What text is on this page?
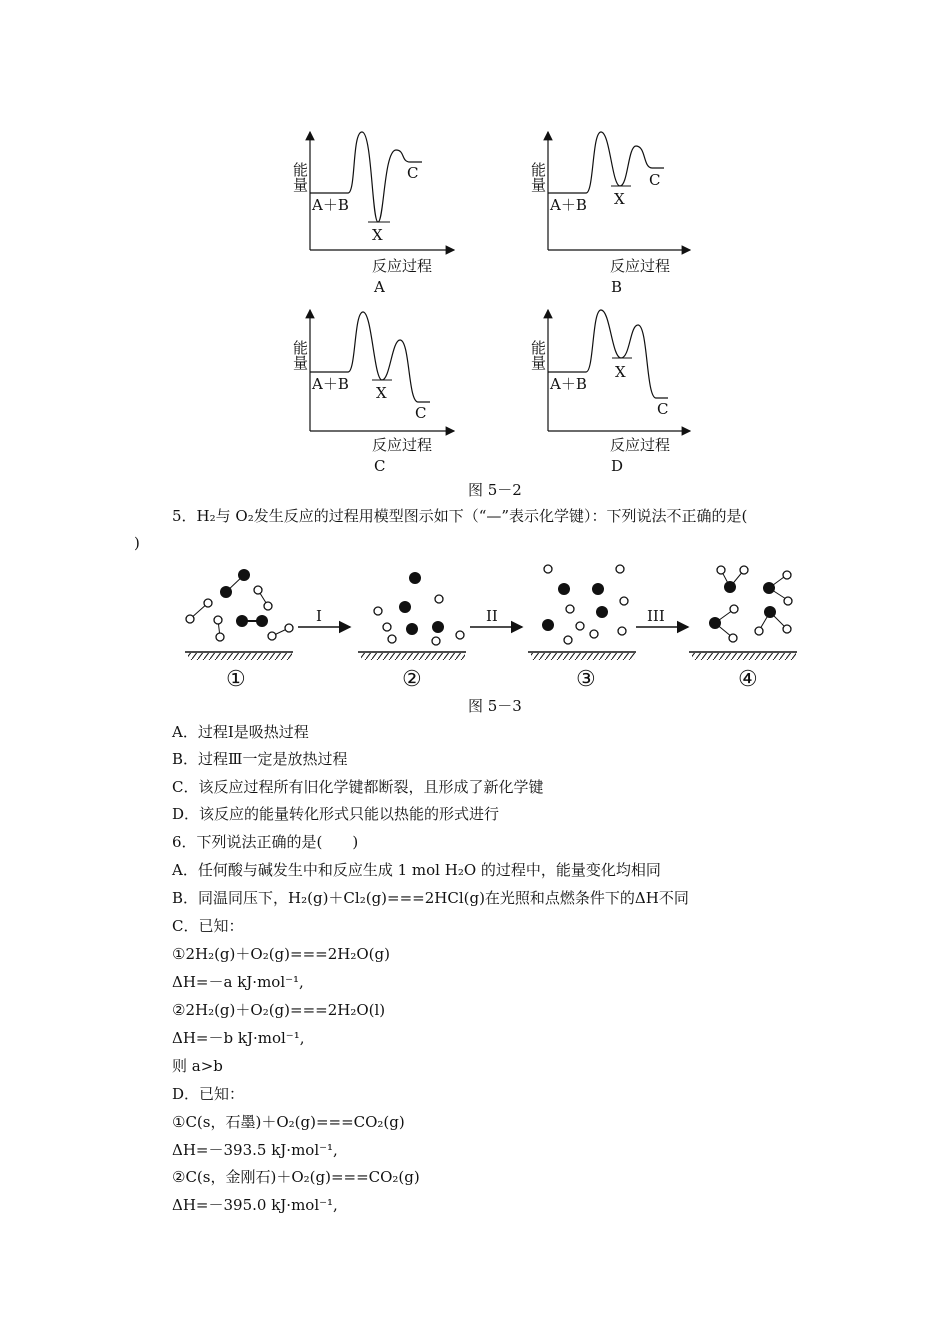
能量
A＋B
X
C
反应过程
A
能量
A＋B X
C
反应过程
B
能量
A＋B X
C
反应过程
C
能量
A＋B
X
C
反应过程
D
图 5－2
5．H₂与 O₂发生反应的过程用模型图示如下（“—”表示化学键）：下列说法不正确的是(
)
I	II	III
①	②	③	④
图 5－3
A．过程Ⅰ是吸热过程
B．过程Ⅲ一定是放热过程
C．该反应过程所有旧化学键都断裂，且形成了新化学键
D．该反应的能量转化形式只能以热能的形式进行
6．下列说法正确的是(　　)
A．任何酸与碱发生中和反应生成 1 mol H₂O 的过程中，能量变化均相同
B．同温同压下，H₂(g)＋Cl₂(g)===2HCl(g)在光照和点燃条件下的ΔH不同
C．已知：
①2H₂(g)＋O₂(g)===2H₂O(g)
ΔH=－a kJ·mol⁻¹,
②2H₂(g)＋O₂(g)===2H₂O(l)
ΔH=－b kJ·mol⁻¹,
则 a>b
D．已知：
①C(s，石墨)＋O₂(g)===CO₂(g)
ΔH=－393.5 kJ·mol⁻¹,
②C(s，金刚石)＋O₂(g)===CO₂(g)
ΔH=－395.0 kJ·mol⁻¹,
